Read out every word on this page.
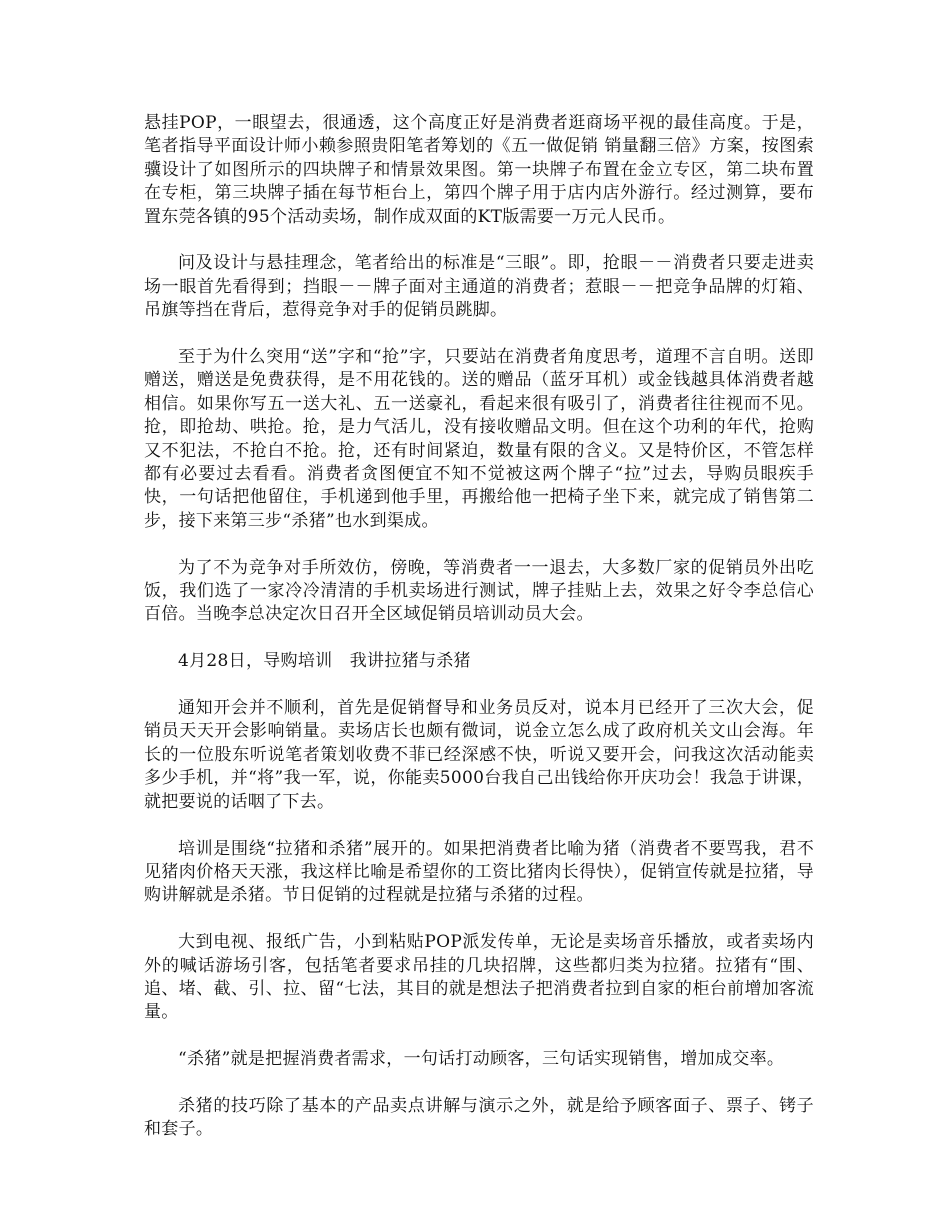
悬挂POP，一眼望去，很通透，这个高度正好是消费者逛商场平视的最佳高度。于是，笔者指导平面设计师小赖参照贵阳笔者筹划的《五一做促销 销量翻三倍》方案，按图索骥设计了如图所示的四块牌子和情景效果图。第一块牌子布置在金立专区，第二块布置在专柜，第三块牌子插在每节柜台上，第四个牌子用于店内店外游行。经过测算，要布置东莞各镇的95个活动卖场，制作成双面的KT版需要一万元人民币。

问及设计与悬挂理念，笔者给出的标准是“三眼”。即，抢眼－－消费者只要走进卖场一眼首先看得到；挡眼－－牌子面对主通道的消费者；惹眼－－把竞争品牌的灯箱、吊旗等挡在背后，惹得竞争对手的促销员跳脚。

至于为什么突用“送”字和“抢”字，只要站在消费者角度思考，道理不言自明。送即赠送，赠送是免费获得，是不用花钱的。送的赠品（蓝牙耳机）或金钱越具体消费者越相信。如果你写五一送大礼、五一送豪礼，看起来很有吸引了，消费者往往视而不见。抢，即抢劫、哄抢。抢，是力气活儿，没有接收赠品文明。但在这个功利的年代，抢购又不犯法，不抢白不抢。抢，还有时间紧迫，数量有限的含义。又是特价区，不管怎样都有必要过去看看。消费者贪图便宜不知不觉被这两个牌子“拉”过去，导购员眼疾手快，一句话把他留住，手机递到他手里，再搬给他一把椅子坐下来，就完成了销售第二步，接下来第三步“杀猪”也水到渠成。

为了不为竞争对手所效仿，傍晚，等消费者一一退去，大多数厂家的促销员外出吃饭，我们选了一家冷冷清清的手机卖场进行测试，牌子挂贴上去，效果之好令李总信心百倍。当晚李总决定次日召开全区域促销员培训动员大会。

4月28日，导购培训　我讲拉猪与杀猪

通知开会并不顺利，首先是促销督导和业务员反对，说本月已经开了三次大会，促销员天天开会影响销量。卖场店长也颇有微词，说金立怎么成了政府机关文山会海。年长的一位股东听说笔者策划收费不菲已经深感不快，听说又要开会，问我这次活动能卖多少手机，并“将”我一军，说，你能卖5000台我自己出钱给你开庆功会！我急于讲课，就把要说的话咽了下去。

培训是围绕“拉猪和杀猪”展开的。如果把消费者比喻为猪（消费者不要骂我，君不见猪肉价格天天涨，我这样比喻是希望你的工资比猪肉长得快），促销宣传就是拉猪，导购讲解就是杀猪。节日促销的过程就是拉猪与杀猪的过程。

大到电视、报纸广告，小到粘贴POP派发传单，无论是卖场音乐播放，或者卖场内外的喊话游场引客，包括笔者要求吊挂的几块招牌，这些都归类为拉猪。拉猪有“围、追、堵、截、引、拉、留“七法，其目的就是想法子把消费者拉到自家的柜台前增加客流量。

“杀猪”就是把握消费者需求，一句话打动顾客，三句话实现销售，增加成交率。

杀猪的技巧除了基本的产品卖点讲解与演示之外，就是给予顾客面子、票子、铐子和套子。
